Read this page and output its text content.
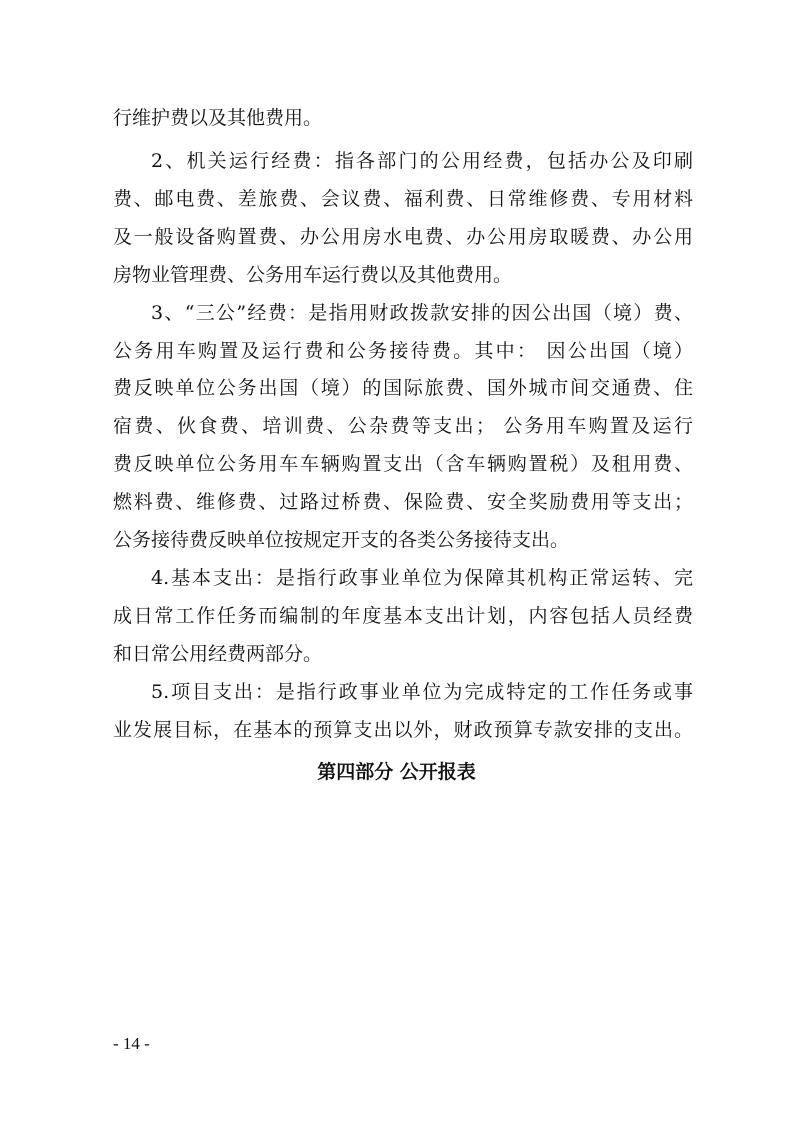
行维护费以及其他费用。
2、机关运行经费：指各部门的公用经费，包括办公及印刷
费、邮电费、差旅费、会议费、福利费、日常维修费、专用材料
及一般设备购置费、办公用房水电费、办公用房取暖费、办公用
房物业管理费、公务用车运行费以及其他费用。
3、“三公”经费：是指用财政拨款安排的因公出国（境）费、
公务用车购置及运行费和公务接待费。其中： 因公出国（境）
费反映单位公务出国（境）的国际旅费、国外城市间交通费、住
宿费、伙食费、培训费、公杂费等支出； 公务用车购置及运行
费反映单位公务用车车辆购置支出（含车辆购置税）及租用费、
燃料费、维修费、过路过桥费、保险费、安全奖励费用等支出；
公务接待费反映单位按规定开支的各类公务接待支出。
4.基本支出：是指行政事业单位为保障其机构正常运转、完
成日常工作任务而编制的年度基本支出计划，内容包括人员经费
和日常公用经费两部分。
5.项目支出：是指行政事业单位为完成特定的工作任务或事
业发展目标，在基本的预算支出以外，财政预算专款安排的支出。
第四部分 公开报表
- 14 -
